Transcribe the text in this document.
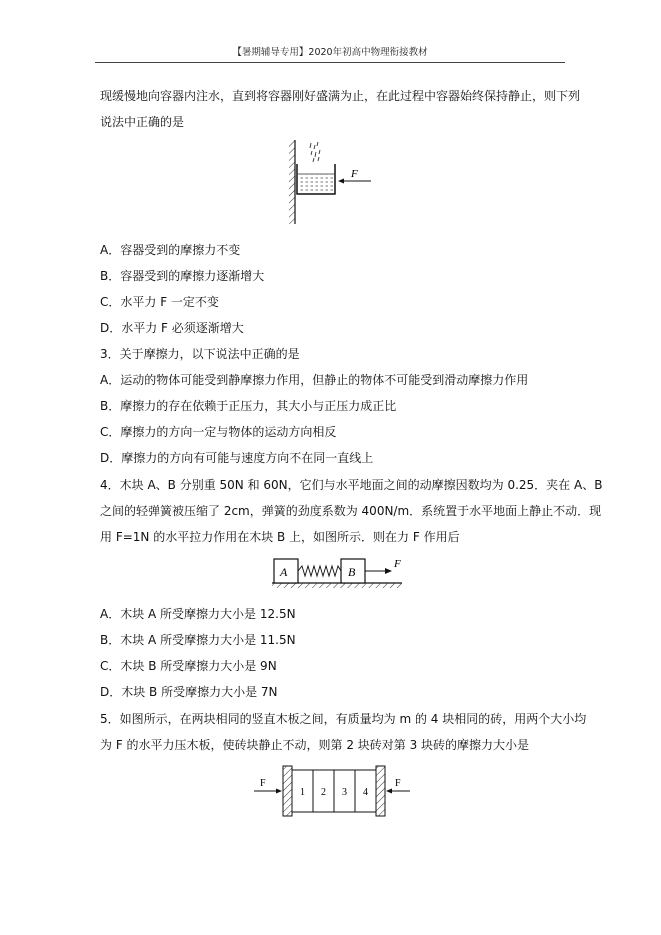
【暑期辅导专用】2020年初高中物理衔接教材
现缓慢地向容器内注水，直到将容器刚好盛满为止，在此过程中容器始终保持静止，则下列
说法中正确的是
F
A．容器受到的摩擦力不变
B．容器受到的摩擦力逐渐增大
C．水平力 F 一定不变
D．水平力 F 必须逐渐增大
3．关于摩擦力，以下说法中正确的是
A．运动的物体可能受到静摩擦力作用，但静止的物体不可能受到滑动摩擦力作用
B．摩擦力的存在依赖于正压力，其大小与正压力成正比
C．摩擦力的方向一定与物体的运动方向相反
D．摩擦力的方向有可能与速度方向不在同一直线上
4．木块 A、B 分别重 50N 和 60N，它们与水平地面之间的动摩擦因数均为 0.25．夹在 A、B
之间的轻弹簧被压缩了 2cm，弹簧的劲度系数为 400N/m．系统置于水平地面上静止不动．现
用 F=1N 的水平拉力作用在木块 B 上，如图所示．则在力 F 作用后
A	B
F
A．木块 A 所受摩擦力大小是 12.5N
B．木块 A 所受摩擦力大小是 11.5N
C．木块 B 所受摩擦力大小是 9N
D．木块 B 所受摩擦力大小是 7N
5．如图所示，在两块相同的竖直木板之间，有质量均为 m 的 4 块相同的砖，用两个大小均
为 F 的水平力压木板，使砖块静止不动，则第 2 块砖对第 3 块砖的摩擦力大小是
F
1 2 3 4
F
